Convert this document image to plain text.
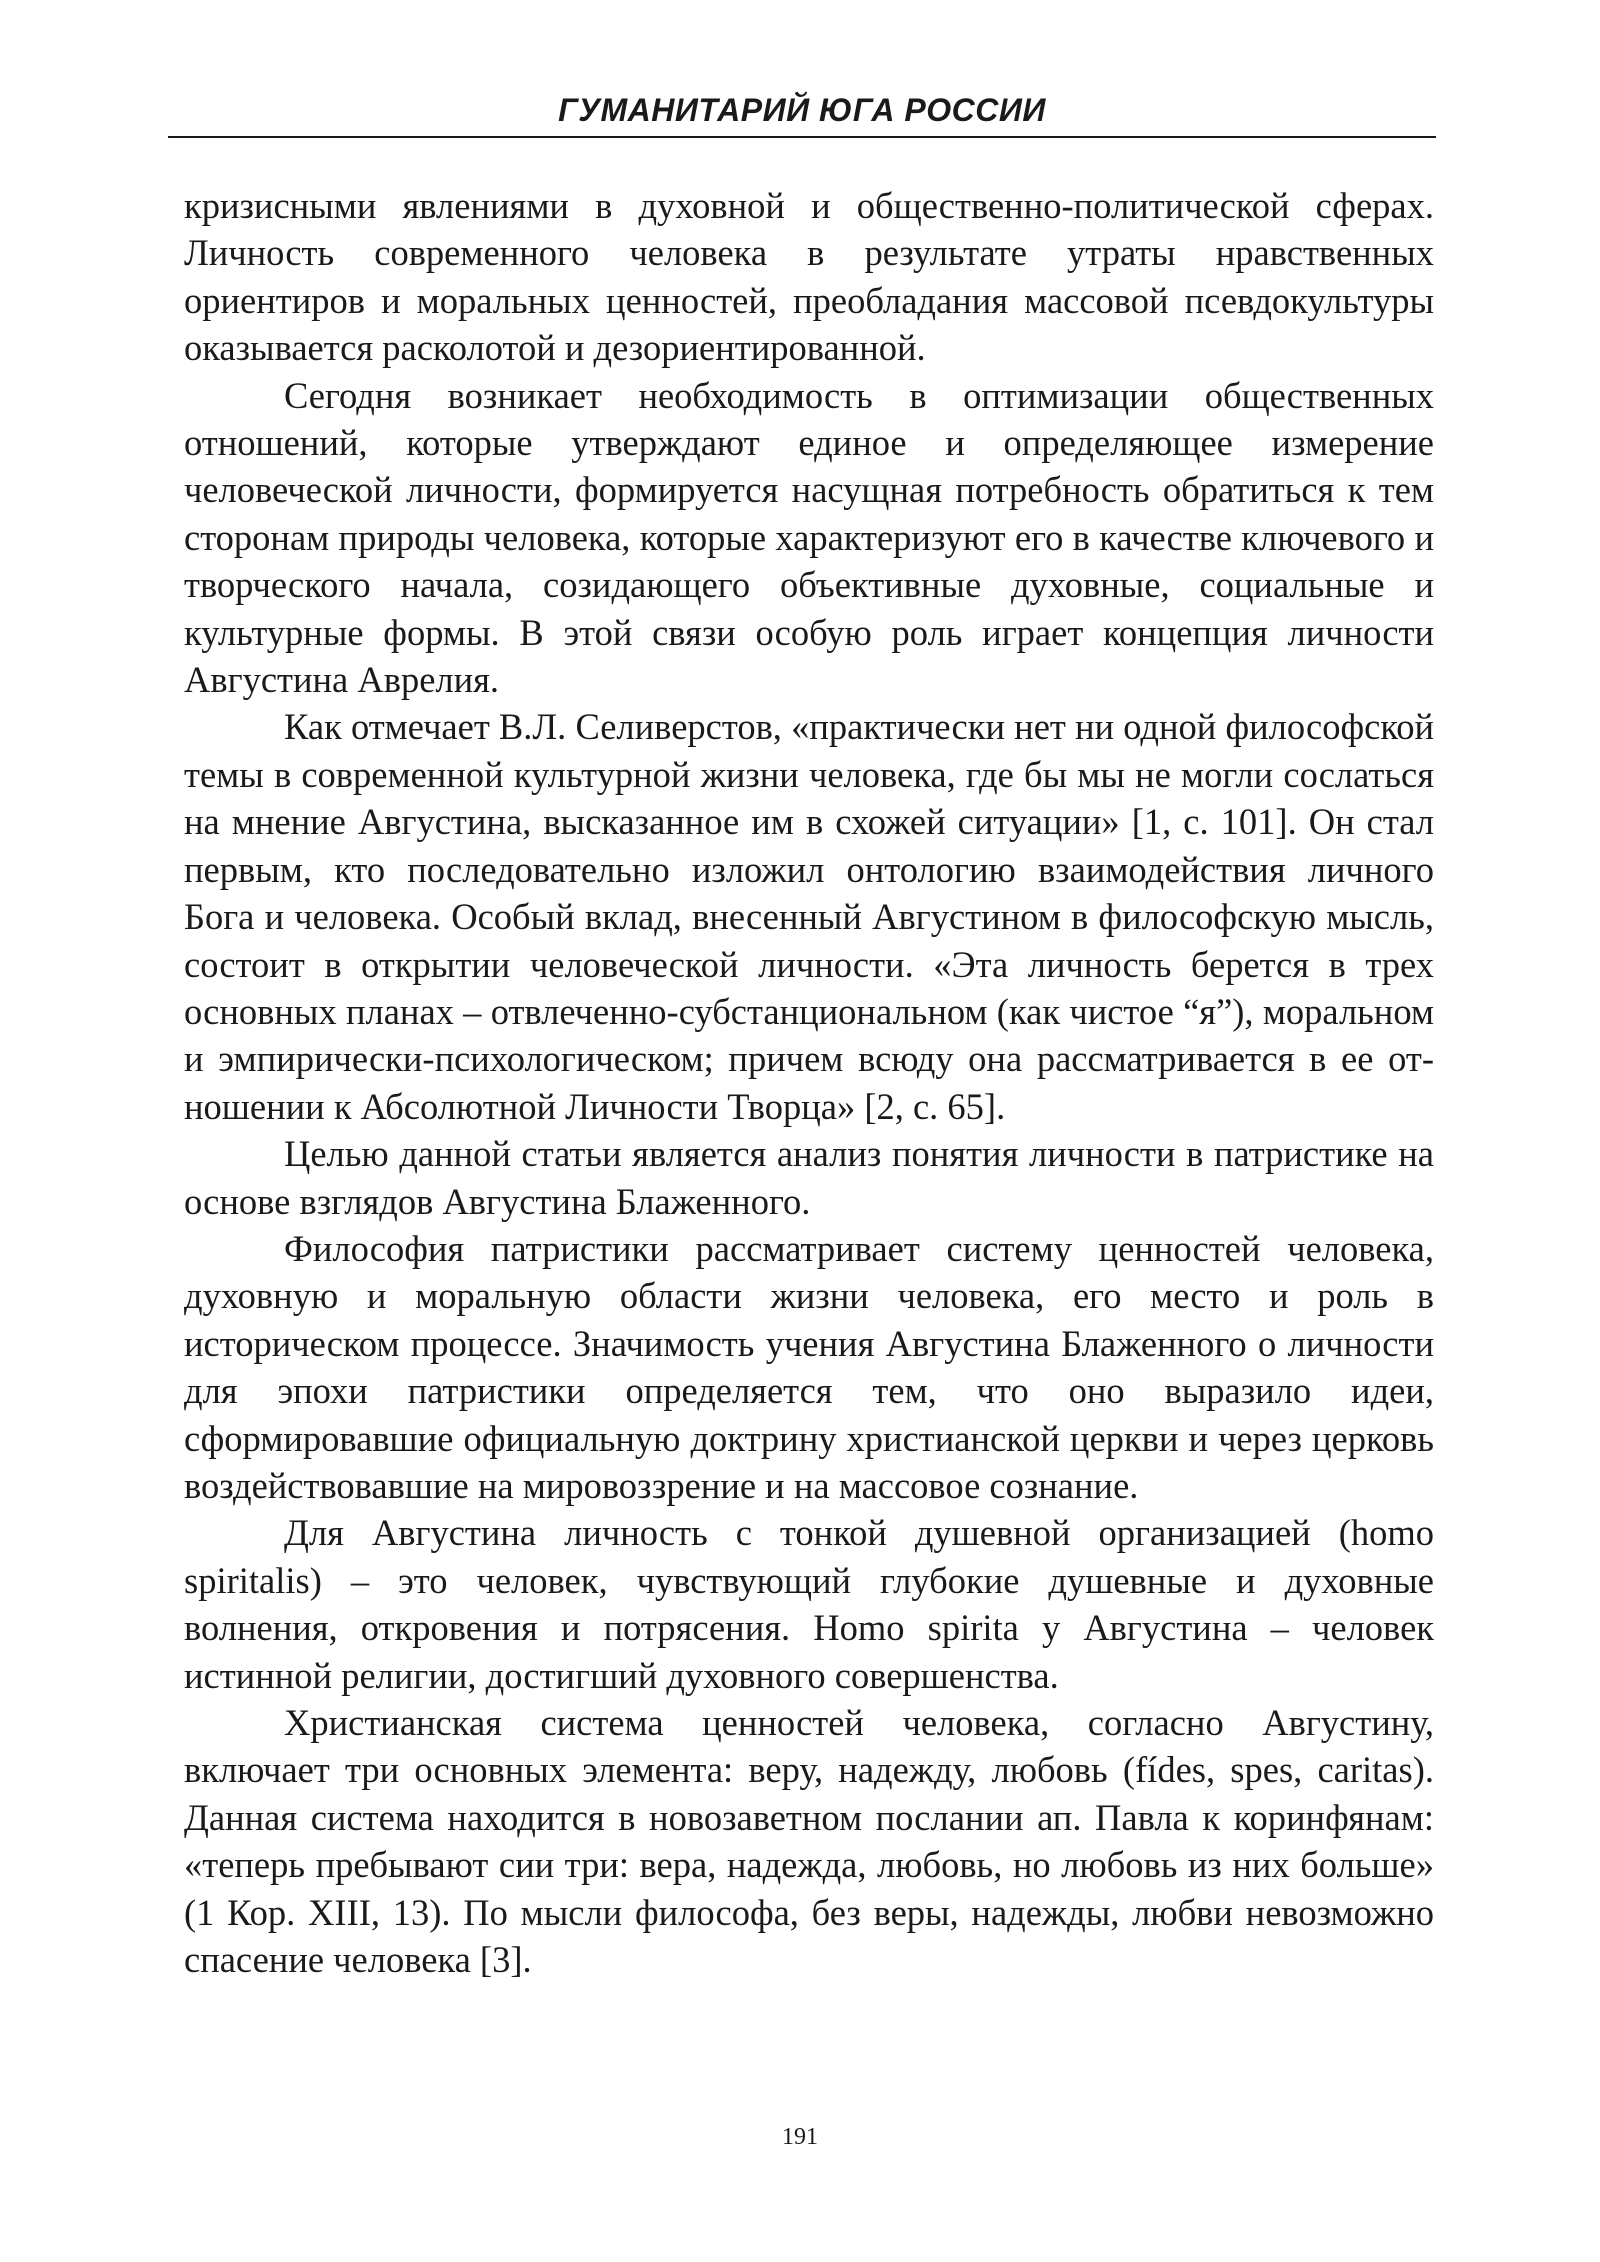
ГУМАНИТАРИЙ ЮГА РОССИИ

кризисными явлениями в духовной и общественно-политической сферах. Личность современного человека в результате утраты нравственных ориентиров и моральных ценностей, преобладания массовой псевдокультуры оказывается расколотой и дезориентированной.

Сегодня возникает необходимость в оптимизации общественных отношений, которые утверждают единое и определяющее измерение человеческой личности, формируется насущная потребность обратиться к тем сторонам природы человека, которые характеризуют его в качестве ключевого и творческого начала, созидающего объективные духовные, социальные и культурные формы. В этой связи особую роль играет концепция личности Августина Аврелия.

Как отмечает В.Л. Селиверстов, «практически нет ни одной философской темы в современной культурной жизни человека, где бы мы не могли сослаться на мнение Августина, высказанное им в схожей ситуации» [1, с. 101]. Он стал первым, кто последовательно изложил онтологию взаимодействия личного Бога и человека. Особый вклад, внесенный Августином в философскую мысль, состоит в открытии человеческой личности. «Эта личность берется в трех основных планах – отвлеченно-субстанциональном (как чистое “я”), моральном и эмпирически-психологическом; причем всюду она рассматривается в ее отношении к Абсолютной Личности Творца» [2, с. 65].

Целью данной статьи является анализ понятия личности в патристике на основе взглядов Августина Блаженного.

Философия патристики рассматривает систему ценностей человека, духовную и моральную области жизни человека, его место и роль в историческом процессе. Значимость учения Августина Блаженного о личности для эпохи патристики определяется тем, что оно выразило идеи, сформировавшие официальную доктрину христианской церкви и через церковь воздействовавшие на мировоззрение и на массовое сознание.

Для Августина личность с тонкой душевной организацией (homo spiritalis) – это человек, чувствующий глубокие душевные и духовные волнения, откровения и потрясения. Homo spirita у Августина – человек истинной религии, достигший духовного совершенства.

Христианская система ценностей человека, согласно Августину, включает три основных элемента: веру, надежду, любовь (fídes, spes, caritas). Данная система находится в новозаветном послании ап. Павла к коринфянам: «теперь пребывают сии три: вера, надежда, любовь, но любовь из них больше» (1 Кор. XIII, 13). По мысли философа, без веры, надежды, любви невозможно спасение человека [3].

191
